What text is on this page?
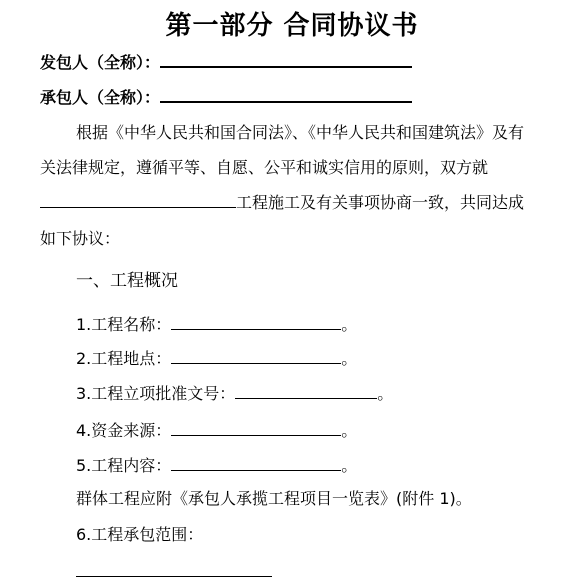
第一部分 合同协议书
发包人（全称）：
承包人（全称）：
根据《中华人民共和国合同法》、《中华人民共和国建筑法》及有
关法律规定，遵循平等、自愿、公平和诚实信用的原则，双方就
工程施工及有关事项协商一致，共同达成
如下协议：
一、工程概况
1.工程名称：	。
2.工程地点：	。
3.工程立项批准文号：	。
4.资金来源：	。
5.工程内容：	。
群体工程应附《承包人承揽工程项目一览表》(附件 1)。
6.工程承包范围：
